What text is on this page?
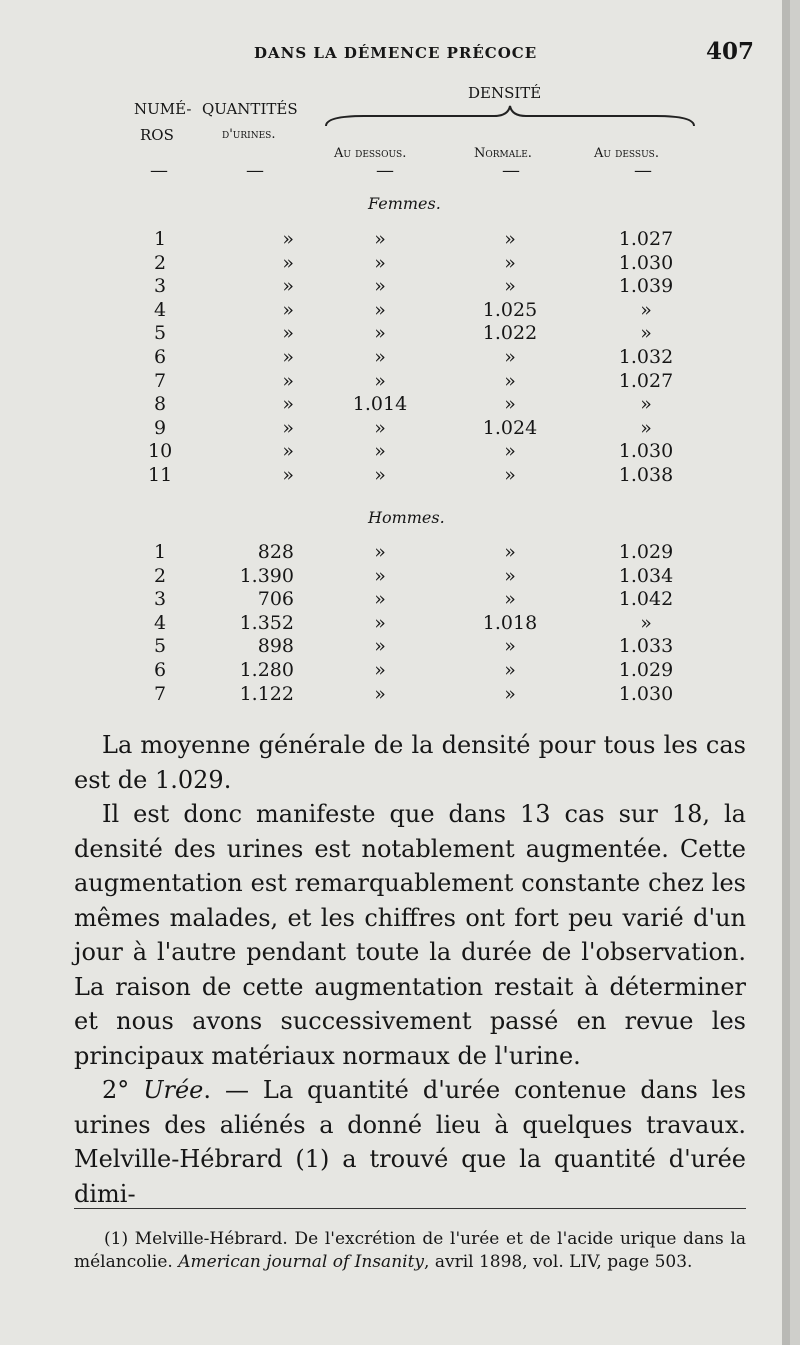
DANS LA DÉMENCE PRÉCOCE	407
NUMÉ-
ROS
QUANTITÉS
d'urines.
DENSITÉ
Au dessous.	Normale.	Au dessus.
—	—	—	—	—
Femmes.
1	»	»	»	1.027
2	»	»	»	1.030
3	»	»	»	1.039
4	»	»	1.025	»
5	»	»	1.022	»
6	»	»	»	1.032
7	»	»	»	1.027
8	»	1.014	»	»
9	»	»	1.024	»
10	»	»	»	1.030
11	»	»	»	1.038
Hommes.
1	828	»	»	1.029
2	1.390	»	»	1.034
3	706	»	»	1.042
4	1.352	»	1.018	»
5	898	»	»	1.033
6	1.280	»	»	1.029
7	1.122	»	»	1.030

La moyenne générale de la densité pour tous les cas est de 1.029.

Il est donc manifeste que dans 13 cas sur 18, la densité des urines est notablement augmentée. Cette augmentation est remarquablement constante chez les mêmes malades, et les chiffres ont fort peu varié d'un jour à l'autre pendant toute la durée de l'observation. La raison de cette augmentation restait à déterminer et nous avons successivement passé en revue les principaux matériaux normaux de l'urine.

2° Urée. — La quantité d'urée contenue dans les urines des aliénés a donné lieu à quelques travaux. Melville-Hébrard (1) a trouvé que la quantité d'urée dimi-

(1) Melville-Hébrard. De l'excrétion de l'urée et de l'acide urique dans la mélancolie. American journal of Insanity, avril 1898, vol. LIV, page 503.
